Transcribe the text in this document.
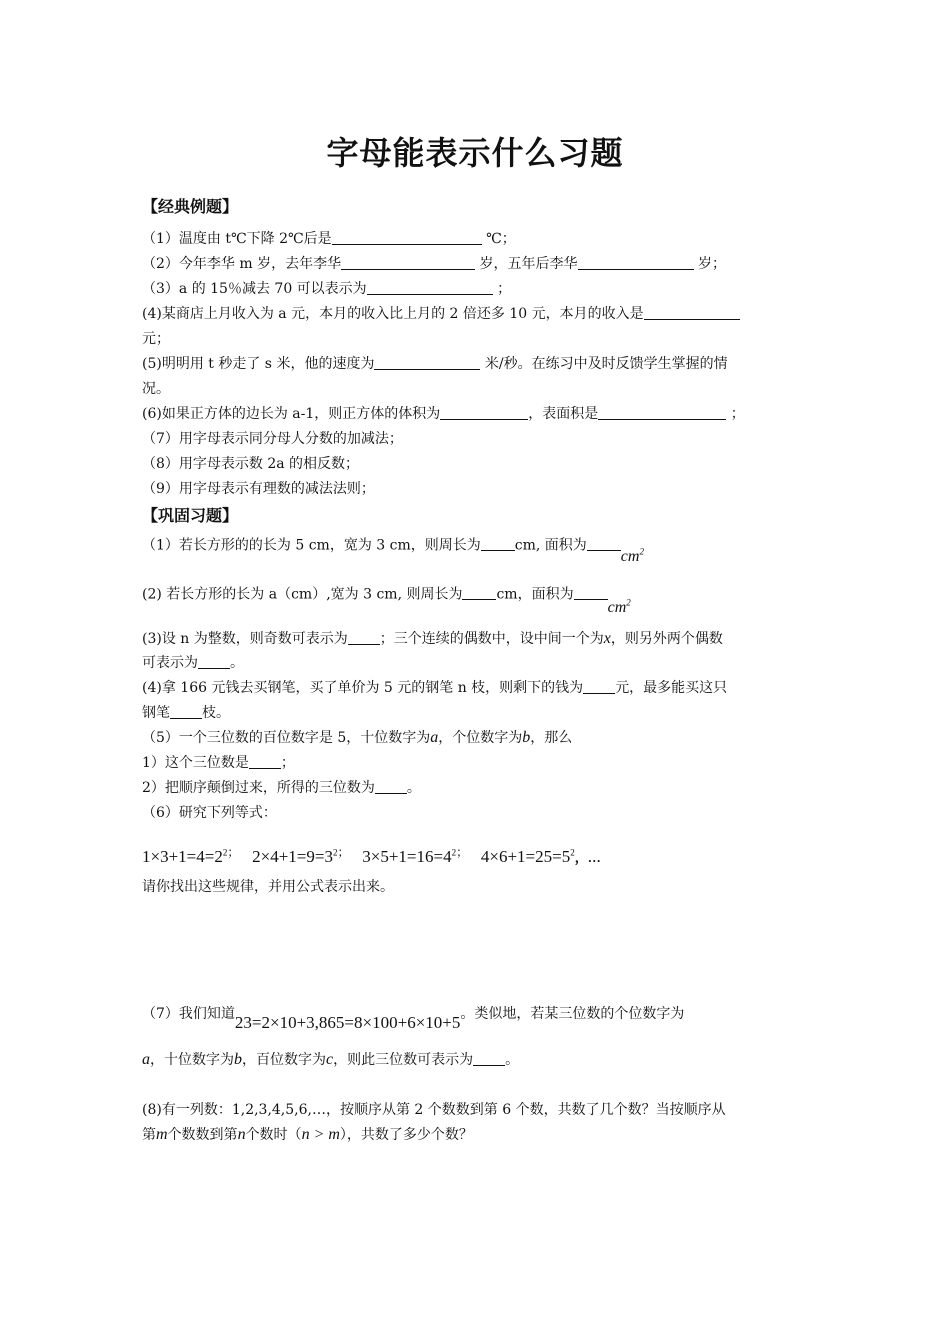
字母能表示什么习题
【经典例题】
（1）温度由 t℃下降 2℃后是	℃；
（2）今年李华 m 岁，去年李华	岁，五年后李华	岁；
（3）a 的 15％减去 70 可以表示为	；
(4)某商店上月收入为 a 元，本月的收入比上月的 2 倍还多 10 元，本月的收入是
元；
(5)明明用 t 秒走了 s 米，他的速度为	米/秒。在练习中及时反馈学生掌握的情
况。
(6)如果正方体的边长为 a-1，则正方体的体积为	，表面积是	；
（7）用字母表示同分母人分数的加减法；
（8）用字母表示数 2a 的相反数；
（9）用字母表示有理数的减法法则；
【巩固习题】
（1）若长方形的的长为 5 cm，宽为 3 cm，则周长为 cm, 面积为$cm^2$
(2) 若长方形的长为 a（cm）,宽为 3 cm, 则周长为 cm，面积为$cm^2$
(3)设 n 为整数，则奇数可表示为 ；三个连续的偶数中，设中间一个为x，则另外两个偶数
可表示为 。
(4)拿 166 元钱去买钢笔，买了单价为 5 元的钢笔 n 枝，则剩下的钱为 元，最多能买这只
钢笔 枝。
（5）一个三位数的百位数字是 5，十位数字为a，个位数字为b，那么
1）这个三位数是 ；
2）把顺序颠倒过来，所得的三位数为 。
（6）研究下列等式：
$1\times 3+1=4=2^{2;}$ $2\times 4+1=9=3^{2;}$ $3\times 5+1=16=4^{2;}$ $4\times 6+1=25=5^2$，…
请你找出这些规律，并用公式表示出来。
（7）我们知道23=2×10+3,865=8×100+6×10+5。类似地，若某三位数的个位数字为
a，十位数字为b，百位数字为c，则此三位数可表示为 。
(8)有一列数：1,2,3,4,5,6,…，按顺序从第 2 个数数到第 6 个数，共数了几个数？当按顺序从
第m个数数到第n个数时（n > m），共数了多少个数？
